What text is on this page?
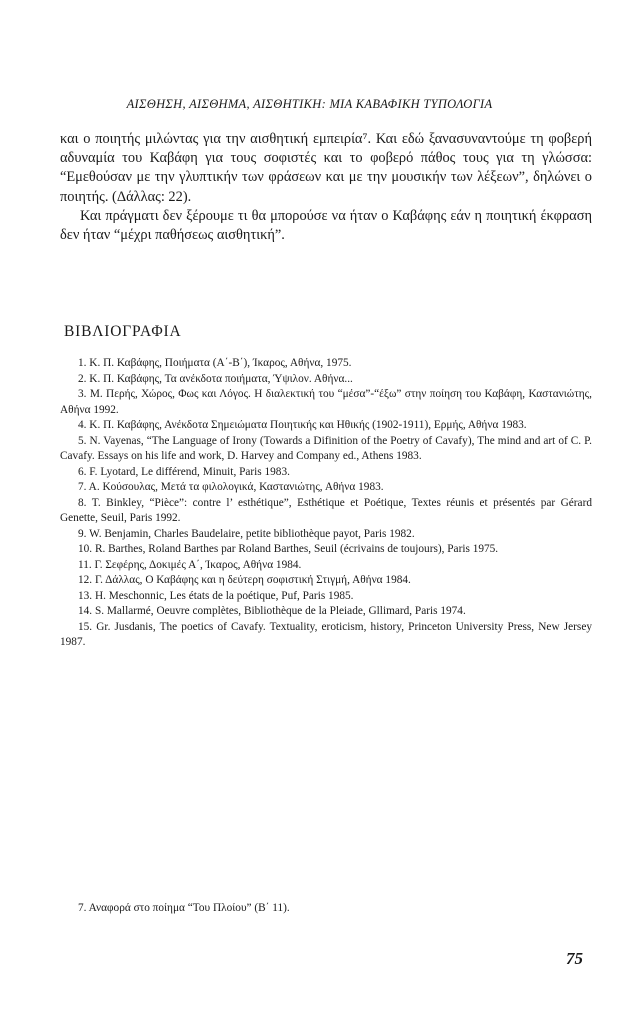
ΑΙΣΘΗΣΗ, ΑΙΣΘΗΜΑ, ΑΙΣΘΗΤΙΚΗ: ΜΙΑ ΚΑΒΑΦΙΚΗ ΤΥΠΟΛΟΓΙΑ

και ο ποιητής μιλώντας για την αισθητική εμπειρία⁷. Και εδώ ξανασυναντούμε τη φοβερή αδυναμία του Καβάφη για τους σοφιστές και το φοβερό πάθος τους για τη γλώσσα: “Εμεθούσαν με την γλυπτικήν των φράσεων και με την μουσικήν των λέξεων”, δηλώνει ο ποιητής. (Δάλλας: 22).

Και πράγματι δεν ξέρουμε τι θα μπορούσε να ήταν ο Καβάφης εάν η ποιητική έκφραση δεν ήταν “μέχρι παθήσεως αισθητική”.

ΒΙΒΛΙΟΓΡΑΦΙΑ
1. Κ. Π. Καβάφης, Ποιήματα (Α΄-Β΄), Ίκαρος, Αθήνα, 1975.
2. Κ. Π. Καβάφης, Τα ανέκδοτα ποιήματα, Ύψιλον. Αθήνα...
3. Μ. Περής, Χώρος, Φως και Λόγος. Η διαλεκτική του “μέσα”-“έξω” στην ποίηση του Καβάφη, Καστανιώτης, Αθήνα 1992.
4. Κ. Π. Καβάφης, Ανέκδοτα Σημειώματα Ποιητικής και Ηθικής (1902-1911), Ερμής, Αθήνα 1983.
5. N. Vayenas, “The Language of Irony (Towards a Difinition of the Poetry of Cavafy), The mind and art of C. P. Cavafy. Essays on his life and work, D. Harvey and Company ed., Athens 1983.
6. F. Lyotard, Le différend, Minuit, Paris 1983.
7. Α. Κούσουλας, Μετά τα φιλολογικά, Καστανιώτης, Αθήνα 1983.
8. T. Binkley, “Pièce”: contre l’ esthétique”, Esthétique et Poétique, Textes réunis et présentés par Gérard Genette, Seuil, Paris 1992.
9. W. Benjamin, Charles Baudelaire, petite bibliothèque payot, Paris 1982.
10. R. Barthes, Roland Barthes par Roland Barthes, Seuil (écrivains de toujours), Paris 1975.
11. Γ. Σεφέρης, Δοκιμές Α΄, Ίκαρος, Αθήνα 1984.
12. Γ. Δάλλας, Ο Καβάφης και η δεύτερη σοφιστική Στιγμή, Αθήνα 1984.
13. H. Meschonnic, Les états de la poétique, Puf, Paris 1985.
14. S. Mallarmé, Oeuvre complètes, Bibliothèque de la Pleiade, Gllimard, Paris 1974.
15. Gr. Jusdanis, The poetics of Cavafy. Textuality, eroticism, history, Princeton University Press, New Jersey 1987.
7. Αναφορά στο ποίημα “Του Πλοίου” (Β΄ 11).
75
